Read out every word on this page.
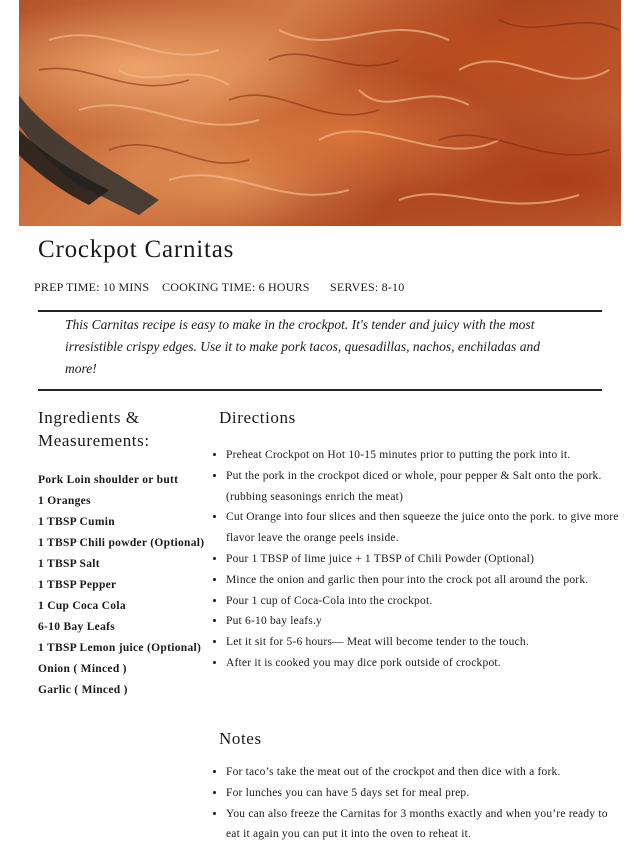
Crockpot Carnitas
PREP TIME: 10 MINS COOKING TIME: 6 HOURS SERVES: 8-10

This Carnitas recipe is easy to make in the crockpot. It's tender and juicy with the most irresistible crispy edges. Use it to make pork tacos, quesadillas, nachos, enchiladas and more!

Ingredients & Measurements:
Pork Loin shoulder or butt
1 Oranges
1 TBSP Cumin
1 TBSP Chili powder (Optional)
1 TBSP Salt
1 TBSP Pepper
1 Cup Coca Cola
6-10 Bay Leafs
1 TBSP Lemon juice (Optional)
Onion ( Minced )
Garlic ( Minced )
Directions
• Preheat Crockpot on Hot 10-15 minutes prior to putting the pork into it.
• Put the pork in the crockpot diced or whole, pour pepper & Salt onto the pork. (rubbing seasonings enrich the meat)
• Cut Orange into four slices and then squeeze the juice onto the pork. to give more flavor leave the orange peels inside.
• Pour 1 TBSP of lime juice + 1 TBSP of Chili Powder (Optional)
• Mince the onion and garlic then pour into the crock pot all around the pork.
• Pour 1 cup of Coca-Cola into the crockpot.
• Put 6-10 bay leafs.y
• Let it sit for 5-6 hours— Meat will become tender to the touch.
• After it is cooked you may dice pork outside of crockpot.
Notes
• For taco’s take the meat out of the crockpot and then dice with a fork.
• For lunches you can have 5 days set for meal prep.
• You can also freeze the Carnitas for 3 months exactly and when you’re ready to eat it again you can put it into the oven to reheat it.
